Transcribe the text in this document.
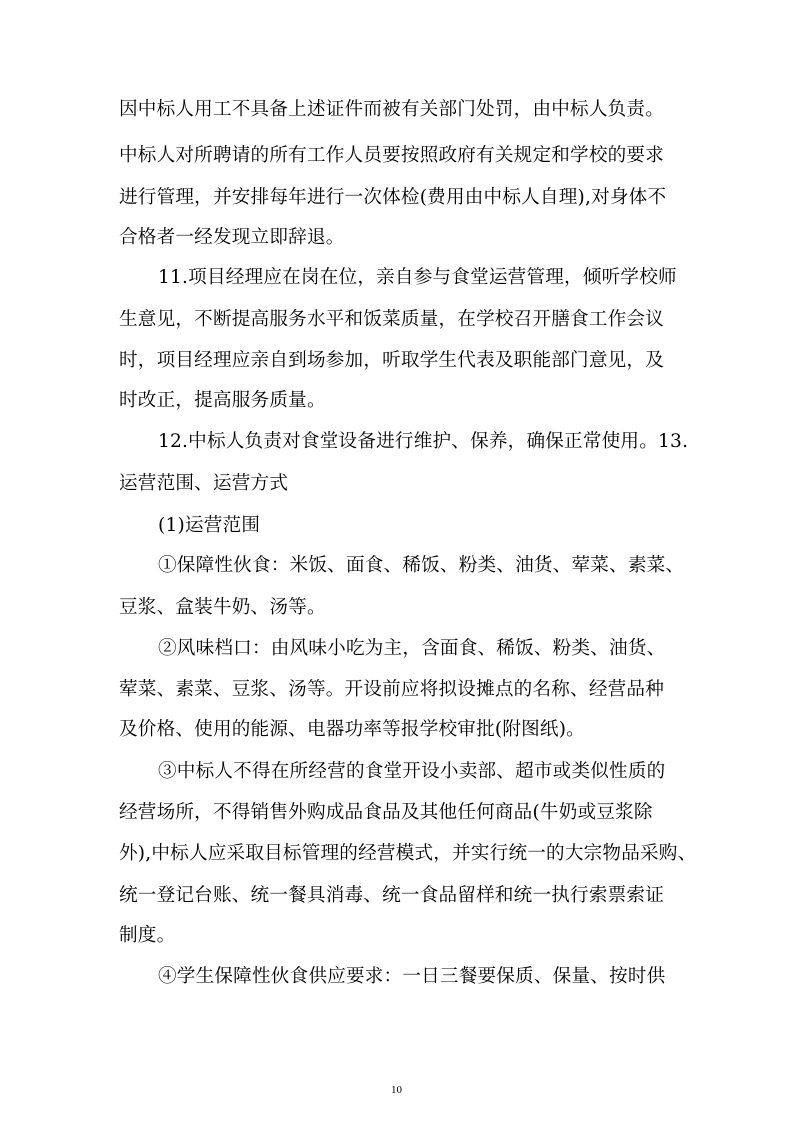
因中标人用工不具备上述证件而被有关部门处罚，由中标人负责。
中标人对所聘请的所有工作人员要按照政府有关规定和学校的要求
进行管理，并安排每年进行一次体检(费用由中标人自理),对身体不
合格者一经发现立即辞退。
11.项目经理应在岗在位，亲自参与食堂运营管理，倾听学校师
生意见，不断提高服务水平和饭菜质量，在学校召开膳食工作会议
时，项目经理应亲自到场参加，听取学生代表及职能部门意见，及
时改正，提高服务质量。
12.中标人负责对食堂设备进行维护、保养，确保正常使用。13.
运营范围、运营方式
(1)运营范围
①保障性伙食：米饭、面食、稀饭、粉类、油货、荤菜、素菜、
豆浆、盒装牛奶、汤等。
②风味档口：由风味小吃为主，含面食、稀饭、粉类、油货、
荤菜、素菜、豆浆、汤等。开设前应将拟设摊点的名称、经营品种
及价格、使用的能源、电器功率等报学校审批(附图纸)。
③中标人不得在所经营的食堂开设小卖部、超市或类似性质的
经营场所，不得销售外购成品食品及其他任何商品(牛奶或豆浆除
外),中标人应采取目标管理的经营模式，并实行统一的大宗物品采购、
统一登记台账、统一餐具消毒、统一食品留样和统一执行索票索证
制度。
④学生保障性伙食供应要求：一日三餐要保质、保量、按时供
10
